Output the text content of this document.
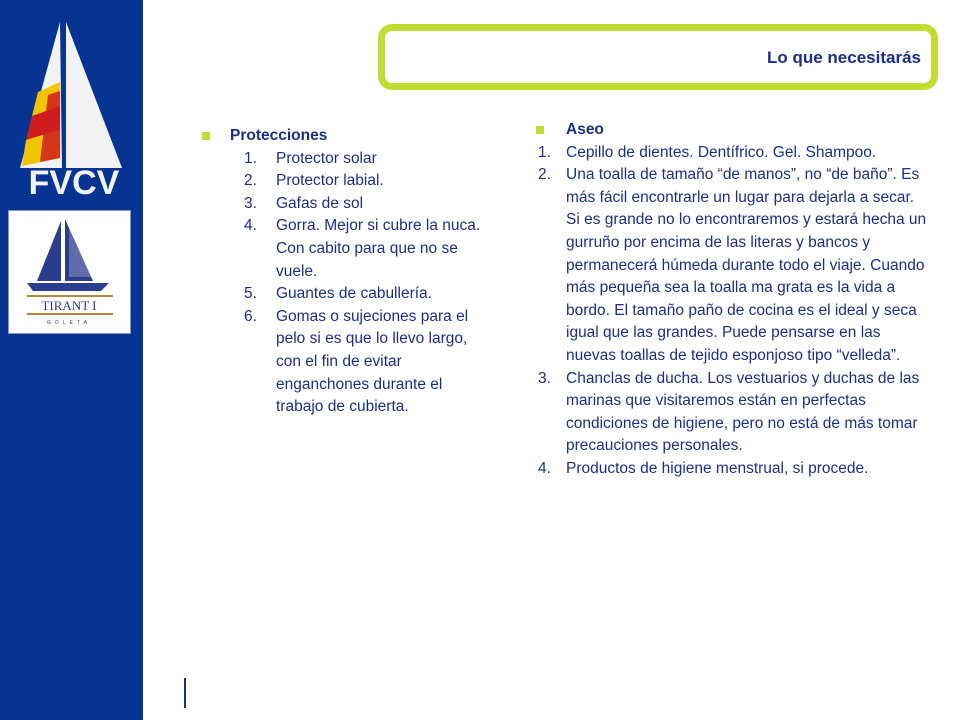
FVCV
TIRANT I
GOLETA
Lo que necesitarás
Protecciones
1. Protector solar
2. Protector labial.
3. Gafas de sol
4. Gorra. Mejor si cubre la nuca. Con cabito para que no se vuele.
5. Guantes de cabullería.
6. Gomas o sujeciones para el pelo si es que lo llevo largo, con el fin de evitar enganchones durante el trabajo de cubierta.
Aseo
1. Cepillo de dientes. Dentífrico. Gel. Shampoo.
2. Una toalla de tamaño “de manos”, no “de baño”. Es más fácil encontrarle un lugar para dejarla a secar. Si es grande no lo encontraremos y estará hecha un gurruño por encima de las literas y bancos y permanecerá húmeda durante todo el viaje. Cuando más pequeña sea la toalla ma grata es la vida a bordo. El tamaño paño de cocina es el ideal y seca igual que las grandes. Puede pensarse en las nuevas toallas de tejido esponjoso tipo “velleda”.
3. Chanclas de ducha. Los vestuarios y duchas de las marinas que visitaremos están en perfectas condiciones de higiene, pero no está de más tomar precauciones personales.
4. Productos de higiene menstrual, si procede.
